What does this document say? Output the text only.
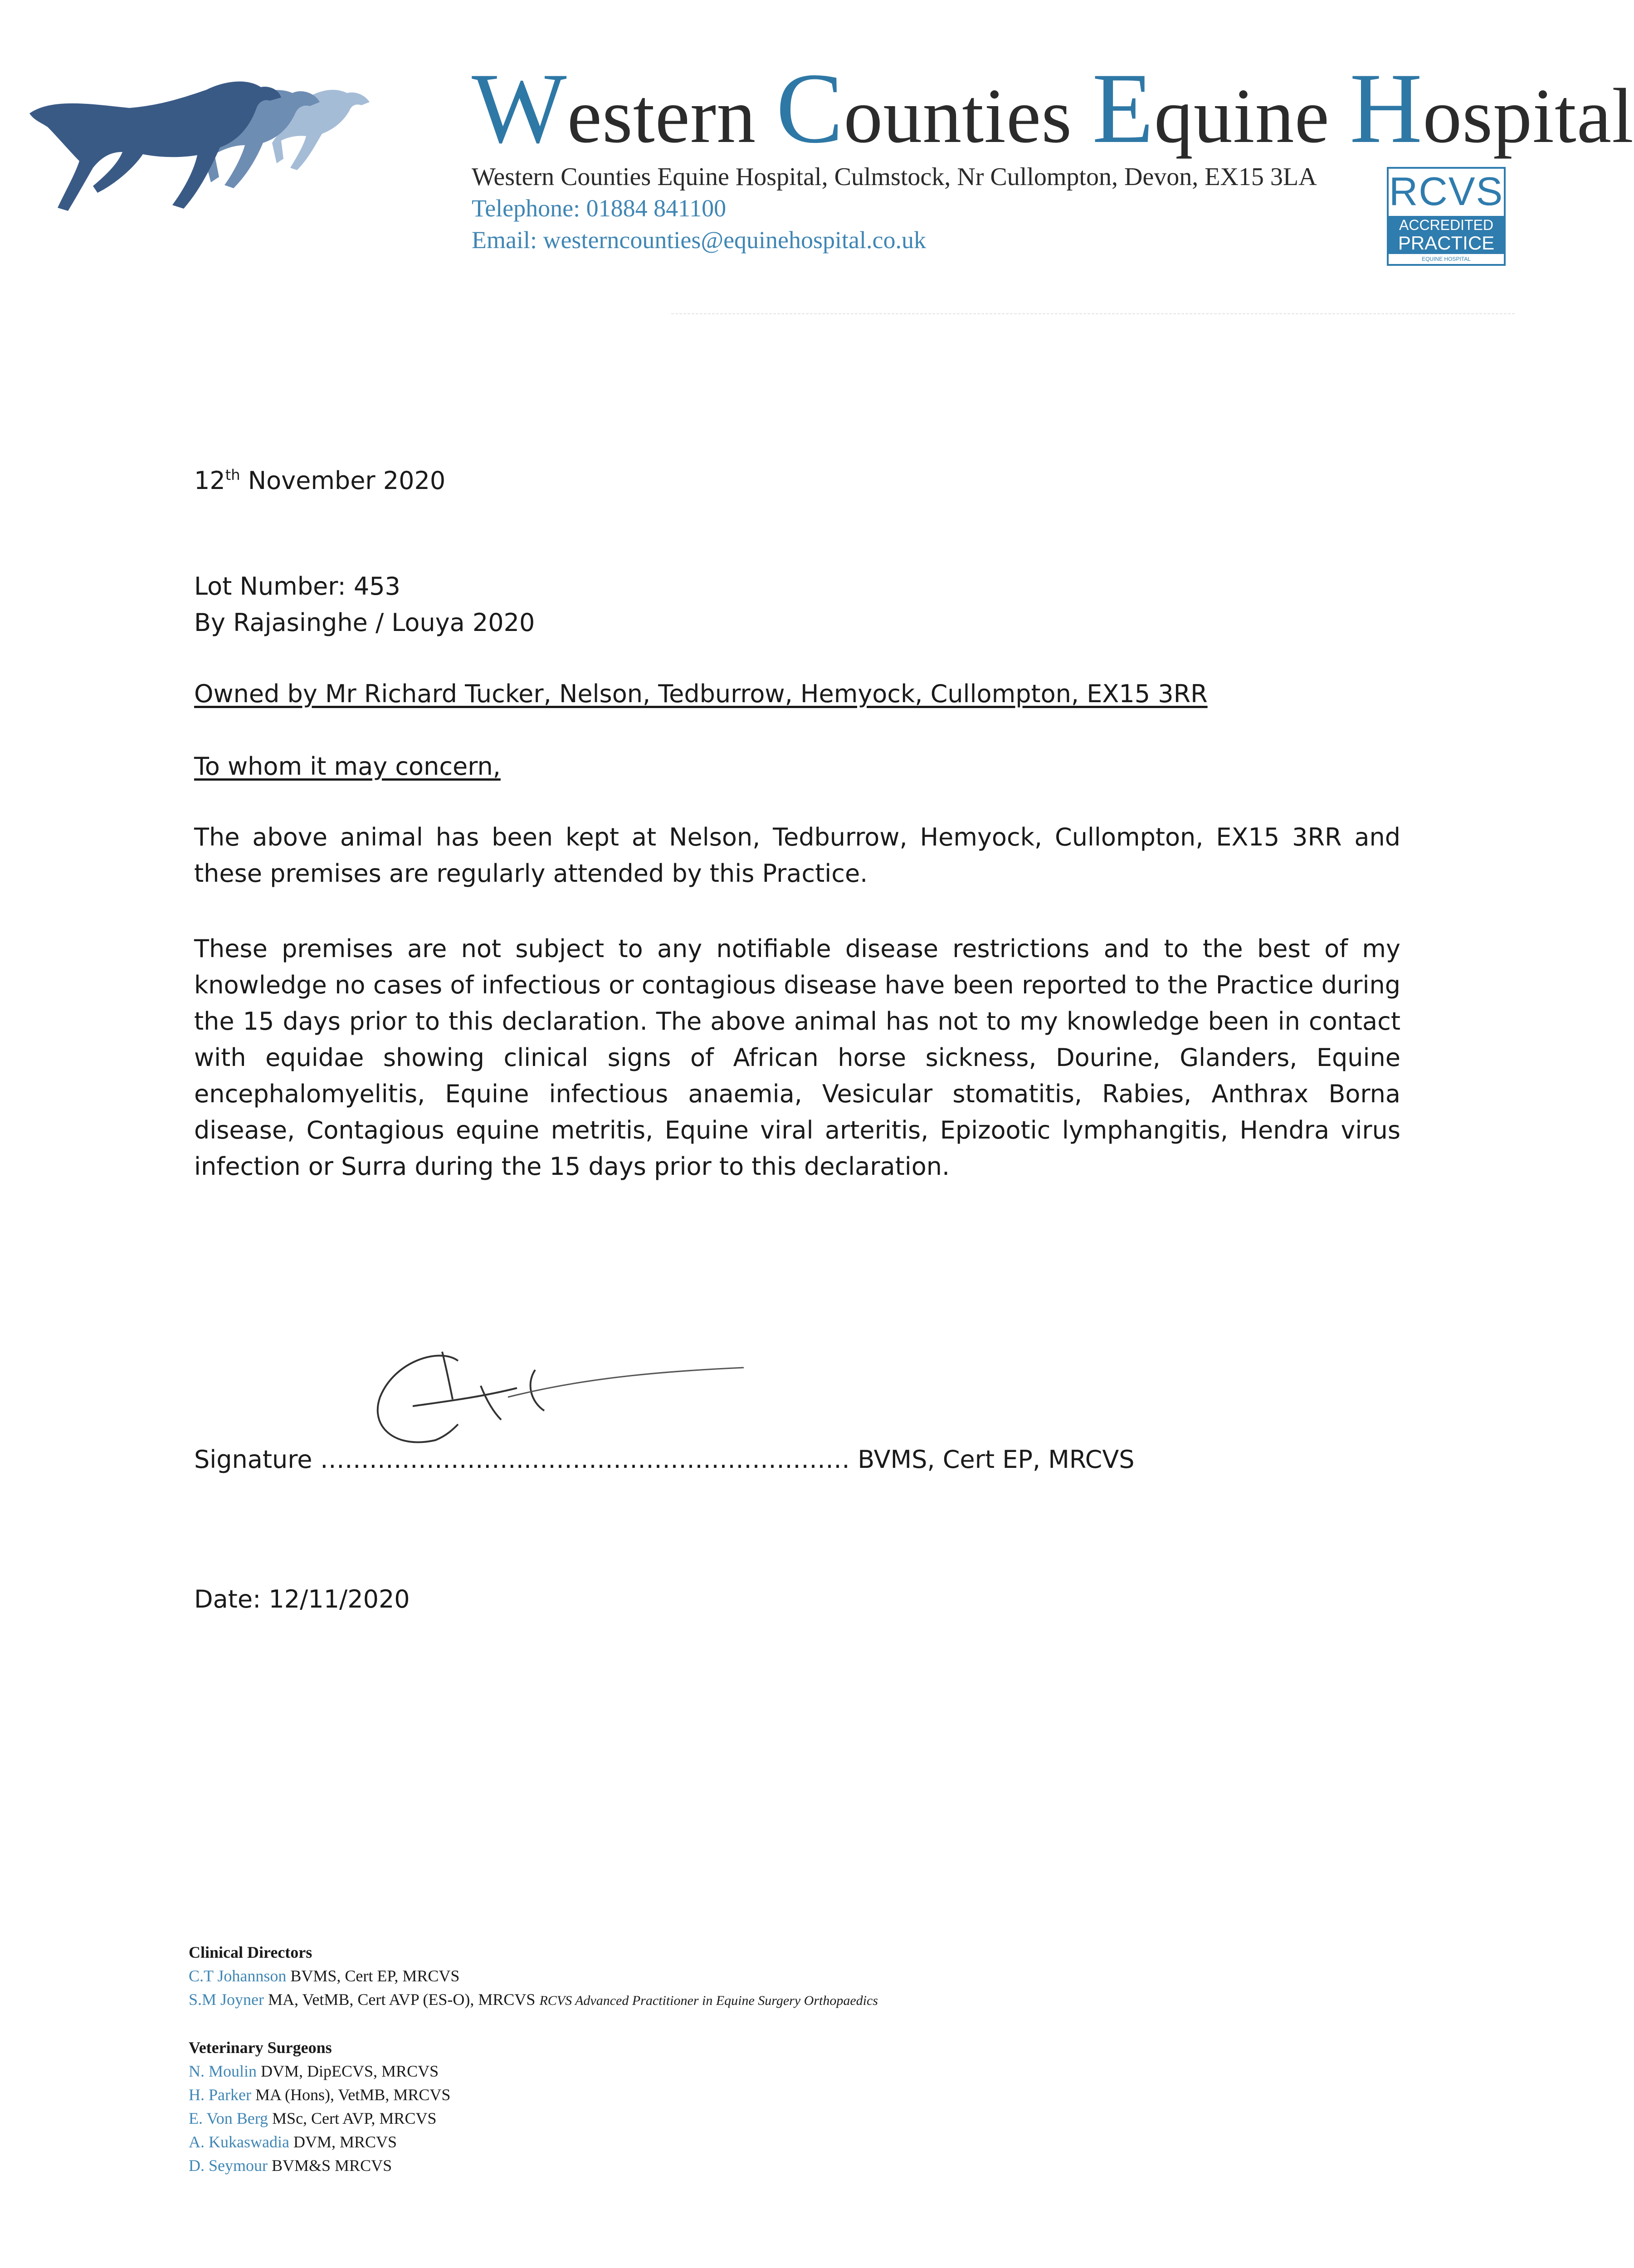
Western Counties Equine Hospital
Western Counties Equine Hospital, Culmstock, Nr Cullompton, Devon, EX15 3LA
Telephone: 01884 841100
Email: westerncounties@equinehospital.co.uk
RCVS
ACCREDITED
PRACTICE
EQUINE HOSPITAL
12th November 2020
Lot Number: 453
By Rajasinghe / Louya 2020
Owned by Mr Richard Tucker, Nelson, Tedburrow, Hemyock, Cullompton, EX15 3RR
To whom it may concern,
The above animal has been kept at Nelson, Tedburrow, Hemyock, Cullompton, EX15 3RR and these premises are regularly attended by this Practice.
These premises are not subject to any notifiable disease restrictions and to the best of my knowledge no cases of infectious or contagious disease have been reported to the Practice during the 15 days prior to this declaration. The above animal has not to my knowledge been in contact with equidae showing clinical signs of African horse sickness, Dourine, Glanders, Equine encephalomyelitis, Equine infectious anaemia, Vesicular stomatitis, Rabies, Anthrax Borna disease, Contagious equine metritis, Equine viral arteritis, Epizootic lymphangitis, Hendra virus infection or Surra during the 15 days prior to this declaration.
Signature ……………………..………………………………… BVMS, Cert EP, MRCVS
Date: 12/11/2020
Clinical Directors
C.T Johannson BVMS, Cert EP, MRCVS
S.M Joyner MA, VetMB, Cert AVP (ES-O), MRCVS RCVS Advanced Practitioner in Equine Surgery Orthopaedics
Veterinary Surgeons
N. Moulin DVM, DipECVS, MRCVS
H. Parker MA (Hons), VetMB, MRCVS
E. Von Berg MSc, Cert AVP, MRCVS
A. Kukaswadia DVM, MRCVS
D. Seymour BVM&S MRCVS
